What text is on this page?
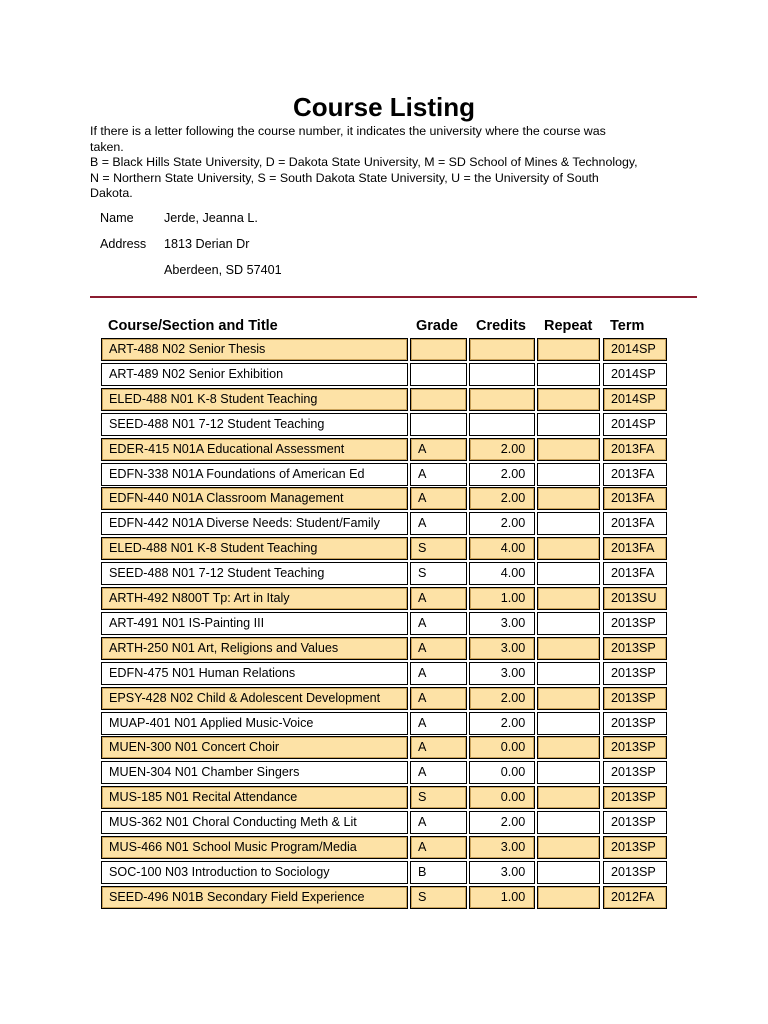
Course Listing
If there is a letter following the course number, it indicates the university where the course was
taken.
B = Black Hills State University, D = Dakota State University, M = SD School of Mines & Technology,
N = Northern State University, S = South Dakota State University, U = the University of South
Dakota.
Name Jerde, Jeanna L.
Address 1813 Derian Dr
Aberdeen, SD 57401
Course/Section and Title	Grade Credits Repeat Term
ART-488 N02 Senior Thesis	2014SP
ART-489 N02 Senior Exhibition	2014SP
ELED-488 N01 K-8 Student Teaching	2014SP
SEED-488 N01 7-12 Student Teaching	2014SP
EDER-415 N01A Educational Assessment	A	2.00	2013FA
EDFN-338 N01A Foundations of American Ed	A	2.00	2013FA
EDFN-440 N01A Classroom Management	A	2.00	2013FA
EDFN-442 N01A Diverse Needs: Student/Family	A	2.00	2013FA
ELED-488 N01 K-8 Student Teaching	S	4.00	2013FA
SEED-488 N01 7-12 Student Teaching	S	4.00	2013FA
ARTH-492 N800T Tp: Art in Italy	A	1.00	2013SU
ART-491 N01 IS-Painting III	A	3.00	2013SP
ARTH-250 N01 Art, Religions and Values	A	3.00	2013SP
EDFN-475 N01 Human Relations	A	3.00	2013SP
EPSY-428 N02 Child & Adolescent Development	A	2.00	2013SP
MUAP-401 N01 Applied Music-Voice	A	2.00	2013SP
MUEN-300 N01 Concert Choir	A	0.00	2013SP
MUEN-304 N01 Chamber Singers	A	0.00	2013SP
MUS-185 N01 Recital Attendance	S	0.00	2013SP
MUS-362 N01 Choral Conducting Meth & Lit	A	2.00	2013SP
MUS-466 N01 School Music Program/Media	A	3.00	2013SP
SOC-100 N03 Introduction to Sociology	B	3.00	2013SP
SEED-496 N01B Secondary Field Experience	S	1.00	2012FA
